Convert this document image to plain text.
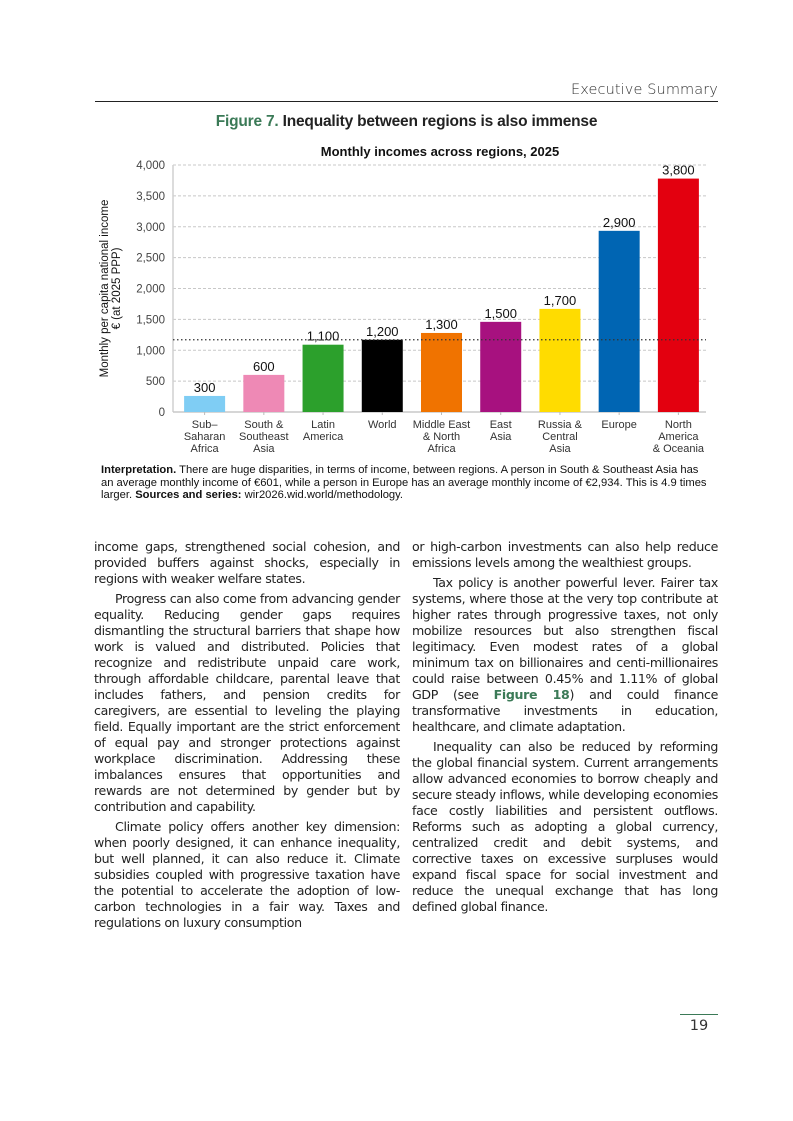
Executive Summary
Figure 7. Inequality between regions is also immense
Monthly incomes across regions, 2025
0
500
1,000
1,500
2,000
2,500
3,000
3,500
4,000
Monthly per capita national income€ (at 2025 PPP)
300
Sub–
Saharan
Africa
600
South &
Southeast
Asia
1,100
Latin
America
1,200
World
1,300
Middle East
& North
Africa
1,500
East
Asia
1,700
Russia &
Central
Asia
2,900
Europe
3,800
North
America
& Oceania
Interpretation. There are huge disparities, in terms of income, between regions. A person in South & Southeast Asia has an average monthly income of €601, while a person in Europe has an average monthly income of €2,934. This is 4.9 times larger. Sources and series: wir2026.wid.world/methodology.

income gaps, strengthened social cohesion, and provided buffers against shocks, especially in regions with weaker welfare states.

Progress can also come from advancing gender equality. Reducing gender gaps requires dismantling the structural barriers that shape how work is valued and distributed. Policies that recognize and redistribute unpaid care work, through affordable childcare, parental leave that includes fathers, and pension credits for caregivers, are essential to leveling the playing field. Equally important are the strict enforcement of equal pay and stronger protections against workplace discrimination. Addressing these imbalances ensures that opportunities and rewards are not determined by gender but by contribution and capability.

Climate policy offers another key dimension: when poorly designed, it can enhance inequality, but well planned, it can also reduce it. Climate subsidies coupled with progressive taxation have the potential to accelerate the adoption of low-carbon technologies in a fair way. Taxes and regulations on luxury consumption

or high-carbon investments can also help reduce emissions levels among the wealthiest groups.

Tax policy is another powerful lever. Fairer tax systems, where those at the very top contribute at higher rates through progressive taxes, not only mobilize resources but also strengthen fiscal legitimacy. Even modest rates of a global minimum tax on billionaires and centi-millionaires could raise between 0.45% and 1.11% of global GDP (see Figure 18) and could finance transformative investments in education, healthcare, and climate adaptation.

Inequality can also be reduced by reforming the global financial system. Current arrangements allow advanced economies to borrow cheaply and secure steady inflows, while developing economies face costly liabilities and persistent outflows. Reforms such as adopting a global currency, centralized credit and debit systems, and corrective taxes on excessive surpluses would expand fiscal space for social investment and reduce the unequal exchange that has long defined global finance.

19
